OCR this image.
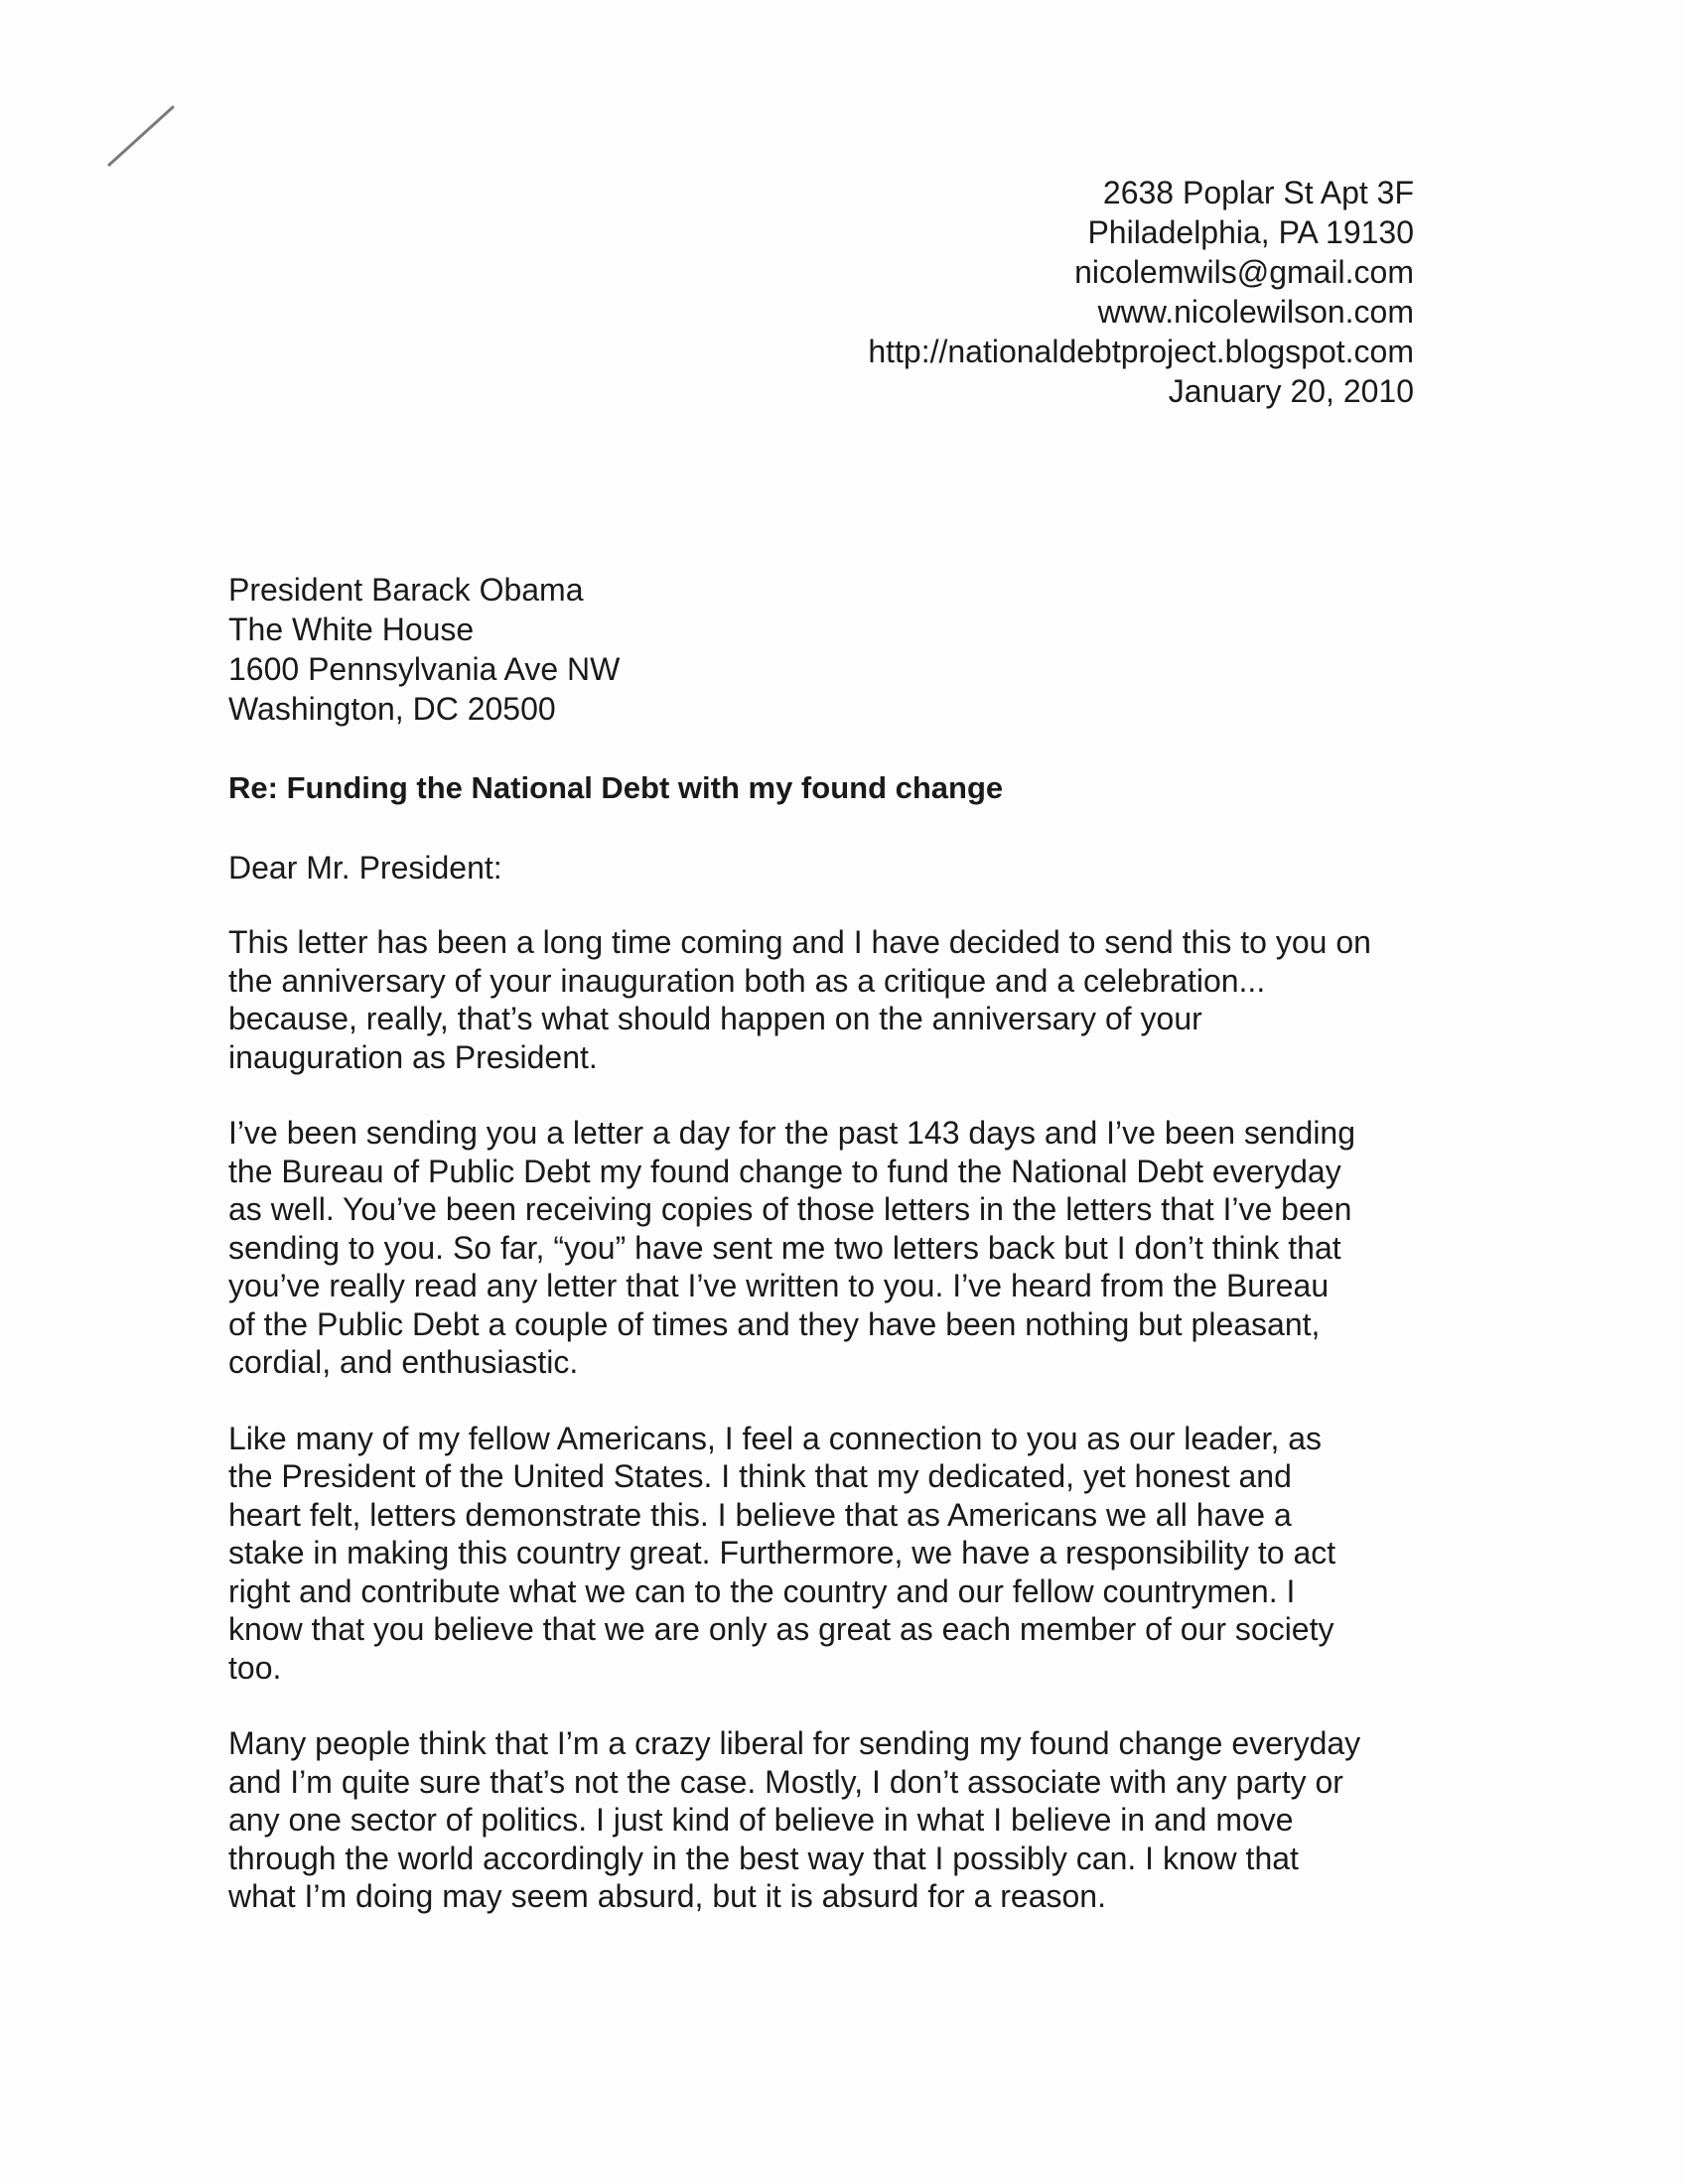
2638 Poplar St Apt 3F
Philadelphia, PA 19130
nicolemwils@gmail.com
www.nicolewilson.com
http://nationaldebtproject.blogspot.com
January 20, 2010
President Barack Obama
The White House
1600 Pennsylvania Ave NW
Washington, DC 20500
Re: Funding the National Debt with my found change
Dear Mr. President:
This letter has been a long time coming and I have decided to send this to you on
the anniversary of your inauguration both as a critique and a celebration...
because, really, that’s what should happen on the anniversary of your
inauguration as President.
I’ve been sending you a letter a day for the past 143 days and I’ve been sending
the Bureau of Public Debt my found change to fund the National Debt everyday
as well. You’ve been receiving copies of those letters in the letters that I’ve been
sending to you. So far, “you” have sent me two letters back but I don’t think that
you’ve really read any letter that I’ve written to you. I’ve heard from the Bureau
of the Public Debt a couple of times and they have been nothing but pleasant,
cordial, and enthusiastic.
Like many of my fellow Americans, I feel a connection to you as our leader, as
the President of the United States. I think that my dedicated, yet honest and
heart felt, letters demonstrate this. I believe that as Americans we all have a
stake in making this country great. Furthermore, we have a responsibility to act
right and contribute what we can to the country and our fellow countrymen. I
know that you believe that we are only as great as each member of our society
too.
Many people think that I’m a crazy liberal for sending my found change everyday
and I’m quite sure that’s not the case. Mostly, I don’t associate with any party or
any one sector of politics. I just kind of believe in what I believe in and move
through the world accordingly in the best way that I possibly can. I know that
what I’m doing may seem absurd, but it is absurd for a reason.
